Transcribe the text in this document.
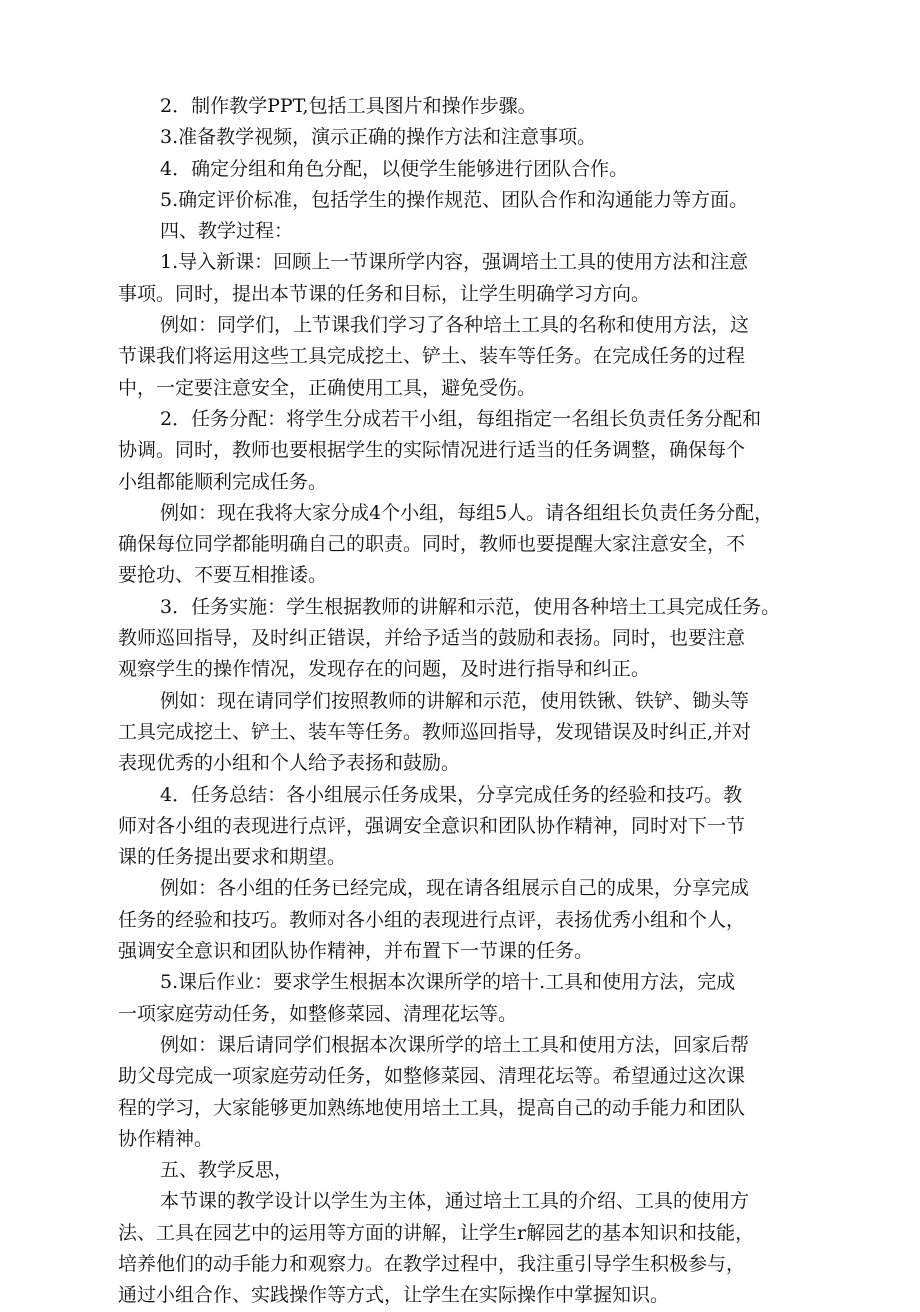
2．制作教学PPT,包括工具图片和操作步骤。
3.准备教学视频，演示正确的操作方法和注意事项。
4．确定分组和角色分配，以便学生能够进行团队合作。
5.确定评价标准，包括学生的操作规范、团队合作和沟通能力等方面。
四、教学过程：
1.导入新课：回顾上一节课所学内容，强调培土工具的使用方法和注意
事项。同时，提出本节课的任务和目标，让学生明确学习方向。
例如：同学们，上节课我们学习了各种培土工具的名称和使用方法，这
节课我们将运用这些工具完成挖土、铲土、装车等任务。在完成任务的过程
中，一定要注意安全，正确使用工具，避免受伤。
2．任务分配：将学生分成若干小组，每组指定一名组长负责任务分配和
协调。同时，教师也要根据学生的实际情况进行适当的任务调整，确保每个
小组都能顺利完成任务。
例如：现在我将大家分成4个小组，每组5人。请各组组长负责任务分配，
确保每位同学都能明确自己的职责。同时，教师也要提醒大家注意安全，不
要抢功、不要互相推诿。
3．任务实施：学生根据教师的讲解和示范，使用各种培土工具完成任务。
教师巡回指导，及时纠正错误，并给予适当的鼓励和表扬。同时，也要注意
观察学生的操作情况，发现存在的问题，及时进行指导和纠正。
例如：现在请同学们按照教师的讲解和示范，使用铁锹、铁铲、锄头等
工具完成挖土、铲土、装车等任务。教师巡回指导，发现错误及时纠正,并对
表现优秀的小组和个人给予表扬和鼓励。
4．任务总结：各小组展示任务成果，分享完成任务的经验和技巧。教
师对各小组的表现进行点评，强调安全意识和团队协作精神，同时对下一节
课的任务提出要求和期望。
例如：各小组的任务已经完成，现在请各组展示自己的成果，分享完成
任务的经验和技巧。教师对各小组的表现进行点评，表扬优秀小组和个人，
强调安全意识和团队协作精神，并布置下一节课的任务。
5.课后作业：要求学生根据本次课所学的培十.工具和使用方法，完成
一项家庭劳动任务，如整修菜园、清理花坛等。
例如：课后请同学们根据本次课所学的培土工具和使用方法，回家后帮
助父母完成一项家庭劳动任务，如整修菜园、清理花坛等。希望通过这次课
程的学习，大家能够更加熟练地使用培土工具，提高自己的动手能力和团队
协作精神。
五、教学反思，
本节课的教学设计以学生为主体，通过培土工具的介绍、工具的使用方
法、工具在园艺中的运用等方面的讲解，让学生r解园艺的基本知识和技能，
培养他们的动手能力和观察力。在教学过程中，我注重引导学生积极参与，
通过小组合作、实践操作等方式，让学生在实际操作中掌握知识。
